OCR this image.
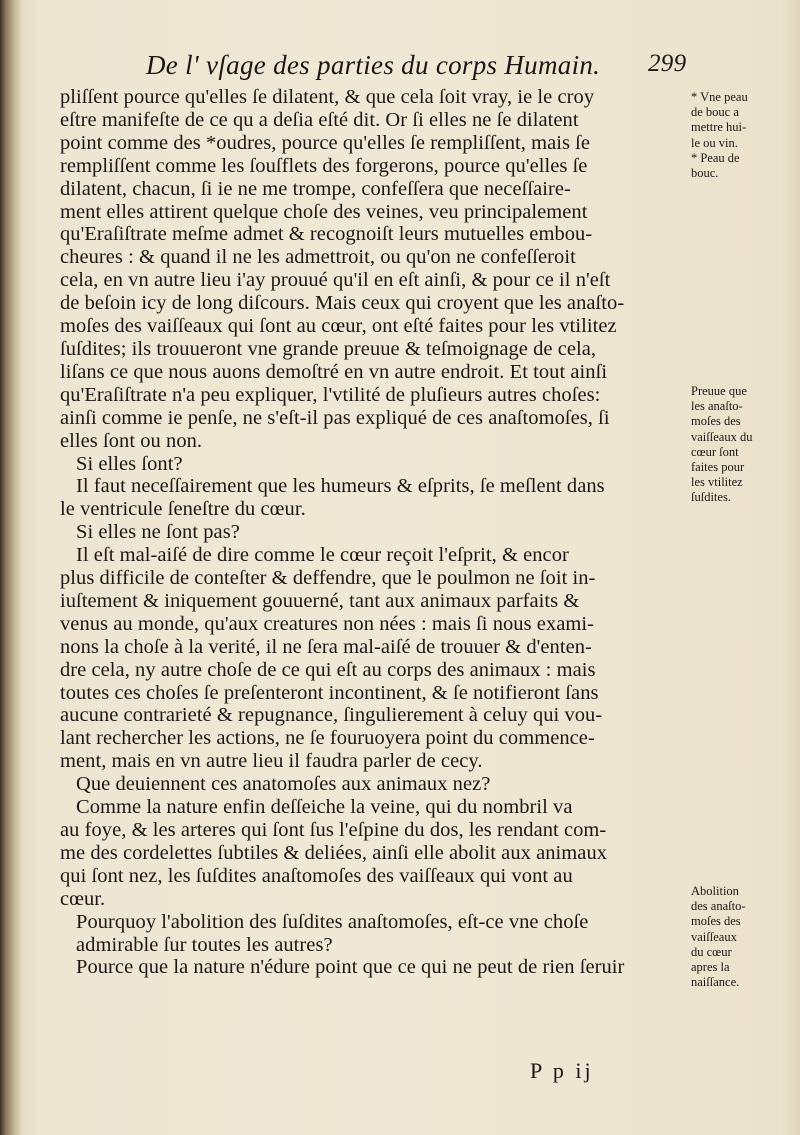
De l' vſage des parties du corps Humain. 299
pliſſent pource qu'elles ſe dilatent, & que cela ſoit vray, ie le croy
eſtre manifeſte de ce qu a deſia eſté dit. Or ſi elles ne ſe dilatent
point comme des *oudres, pource qu'elles ſe rempliſſent, mais ſe
rempliſſent comme les ſouſflets des forgerons, pource qu'elles ſe
dilatent, chacun, ſi ie ne me trompe, confeſſera que neceſſaire-
ment elles attirent quelque choſe des veines, veu principalement
qu'Eraſiſtrate meſme admet & recognoiſt leurs mutuelles embou-
cheures : & quand il ne les admettroit, ou qu'on ne confeſſeroit
cela, en vn autre lieu i'ay prouué qu'il en eſt ainſi, & pour ce il n'eſt
de beſoin icy de long diſcours. Mais ceux qui croyent que les anaſto-
moſes des vaiſſeaux qui ſont au cœur, ont eſté faites pour les vtilitez
ſuſdites; ils trouueront vne grande preuue & teſmoignage de cela,
liſans ce que nous auons demoſtré en vn autre endroit. Et tout ainſi
qu'Eraſiſtrate n'a peu expliquer, l'vtilité de pluſieurs autres choſes:
ainſi comme ie penſe, ne s'eſt-il pas expliqué de ces anaſtomoſes, ſi
elles ſont ou non.
Si elles ſont?
Il faut neceſſairement que les humeurs & eſprits, ſe meſlent dans
le ventricule ſeneſtre du cœur.
Si elles ne ſont pas?
Il eſt mal-aiſé de dire comme le cœur reçoit l'eſprit, & encor
plus difficile de conteſter & deffendre, que le poulmon ne ſoit in-
iuſtement & iniquement gouuerné, tant aux animaux parfaits &
venus au monde, qu'aux creatures non nées : mais ſi nous exami-
nons la choſe à la verité, il ne ſera mal-aiſé de trouuer & d'enten-
dre cela, ny autre choſe de ce qui eſt au corps des animaux : mais
toutes ces choſes ſe preſenteront incontinent, & ſe notifieront ſans
aucune contrarieté & repugnance, ſingulierement à celuy qui vou-
lant rechercher les actions, ne ſe fouruoyera point du commence-
ment, mais en vn autre lieu il faudra parler de cecy.
Que deuiennent ces anatomoſes aux animaux nez?
Comme la nature enfin deſſeiche la veine, qui du nombril va
au foye, & les arteres qui ſont ſus l'eſpine du dos, les rendant com-
me des cordelettes ſubtiles & deliées, ainſi elle abolit aux animaux
qui ſont nez, les ſuſdites anaſtomoſes des vaiſſeaux qui vont au
cœur.
Pourquoy l'abolition des ſuſdites anaſtomoſes, eſt-ce vne choſe
admirable ſur toutes les autres?
Pource que la nature n'édure point que ce qui ne peut de rien ſeruir
* Vne peau
de bouc a
mettre hui-
le ou vin.
* Peau de
bouc.
Preuue que
les anaſto-
moſes des
vaiſſeaux du
cœur ſont
faites pour
les vtilitez
ſuſdites.
Abolition
des anaſto-
moſes des
vaiſſeaux
du cœur
apres la
naiſſance.
P p ij
